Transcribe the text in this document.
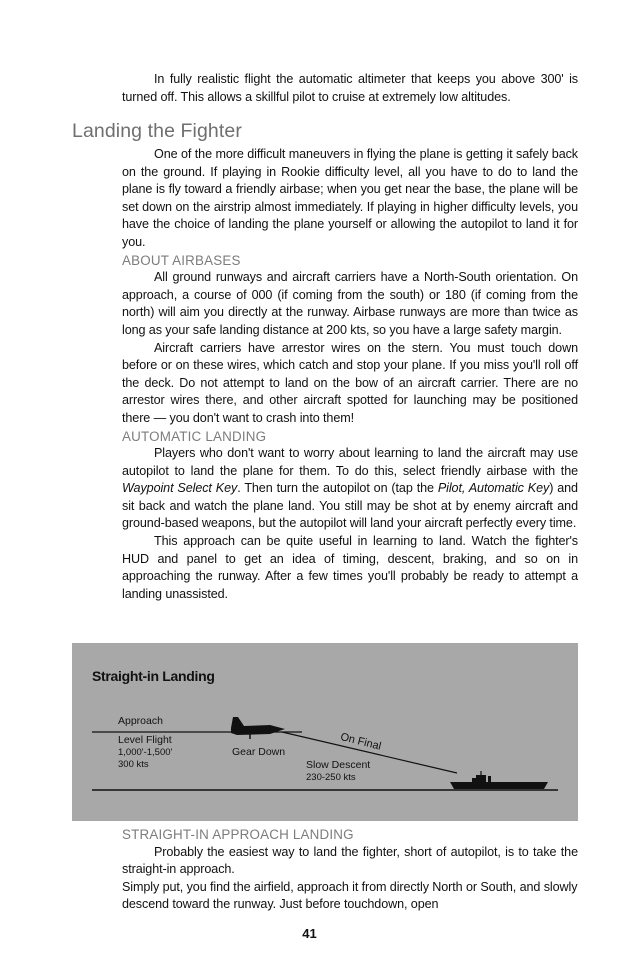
In fully realistic flight the automatic altimeter that keeps you above 300' is turned off. This allows a skillful pilot to cruise at extremely low altitudes.

Landing the Fighter

One of the more difficult maneuvers in flying the plane is getting it safely back on the ground. If playing in Rookie difficulty level, all you have to do to land the plane is fly toward a friendly airbase; when you get near the base, the plane will be set down on the airstrip almost immediately. If playing in higher difficulty levels, you have the choice of landing the plane yourself or allowing the autopilot to land it for you.

ABOUT AIRBASES

All ground runways and aircraft carriers have a North-South orientation. On approach, a course of 000 (if coming from the south) or 180 (if coming from the north) will aim you directly at the runway. Airbase runways are more than twice as long as your safe landing distance at 200 kts, so you have a large safety margin.

Aircraft carriers have arrestor wires on the stern. You must touch down before or on these wires, which catch and stop your plane. If you miss you'll roll off the deck. Do not attempt to land on the bow of an aircraft carrier. There are no arrestor wires there, and other aircraft spotted for launching may be positioned there — you don't want to crash into them!

AUTOMATIC LANDING

Players who don't want to worry about learning to land the aircraft may use autopilot to land the plane for them. To do this, select friendly airbase with the Waypoint Select Key. Then turn the autopilot on (tap the Pilot, Automatic Key) and sit back and watch the plane land. You still may be shot at by enemy aircraft and ground-based weapons, but the autopilot will land your aircraft perfectly every time.

This approach can be quite useful in learning to land. Watch the fighter's HUD and panel to get an idea of timing, descent, braking, and so on in approaching the runway. After a few times you'll probably be ready to attempt a landing unassisted.

Straight-in Landing
Approach
Level Flight
1,000'-1,500'
300 kts
Gear Down	On Final
Slow Descent
230-250 kts
STRAIGHT-IN APPROACH LANDING

Probably the easiest way to land the fighter, short of autopilot, is to take the straight-in approach.

Simply put, you find the airfield, approach it from directly North or South, and slowly descend toward the runway. Just before touchdown, open

41
